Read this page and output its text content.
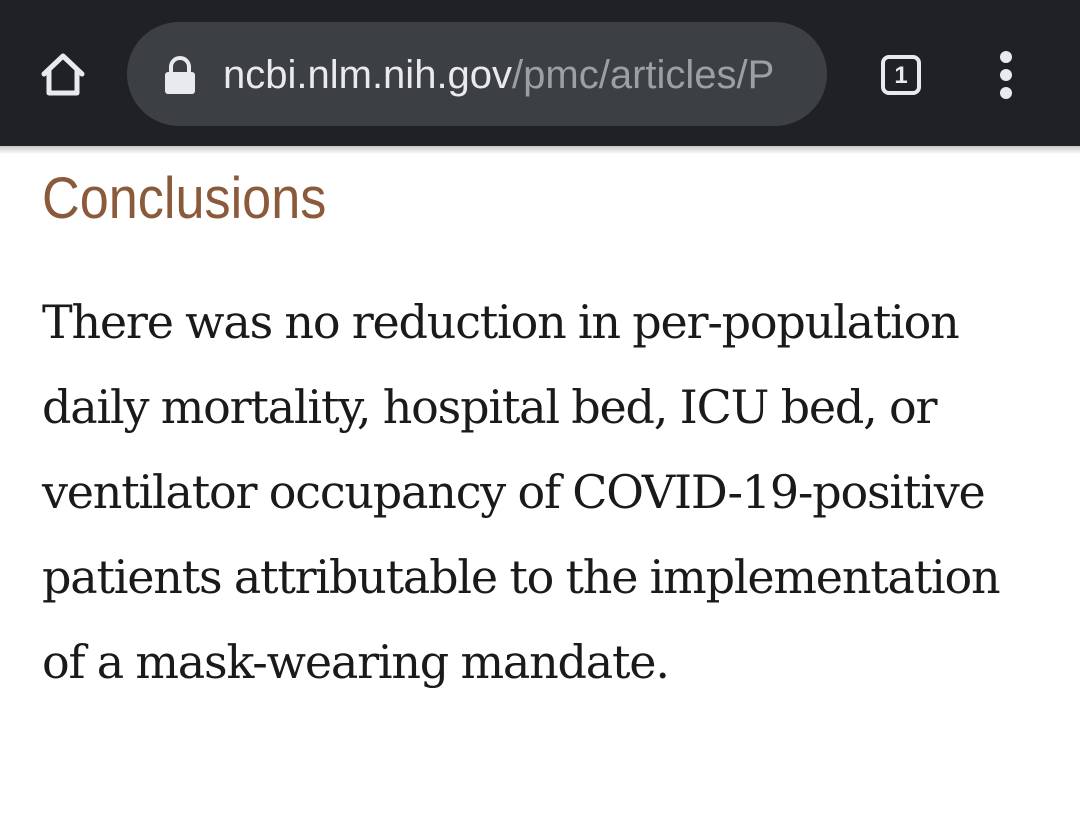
ncbi.nlm.nih.gov/pmc/articles/P	1
Conclusions

There was no reduction in per-population daily mortality, hospital bed, ICU bed, or ventilator occupancy of COVID-19-positive patients attributable to the implementation of a mask-wearing mandate.
